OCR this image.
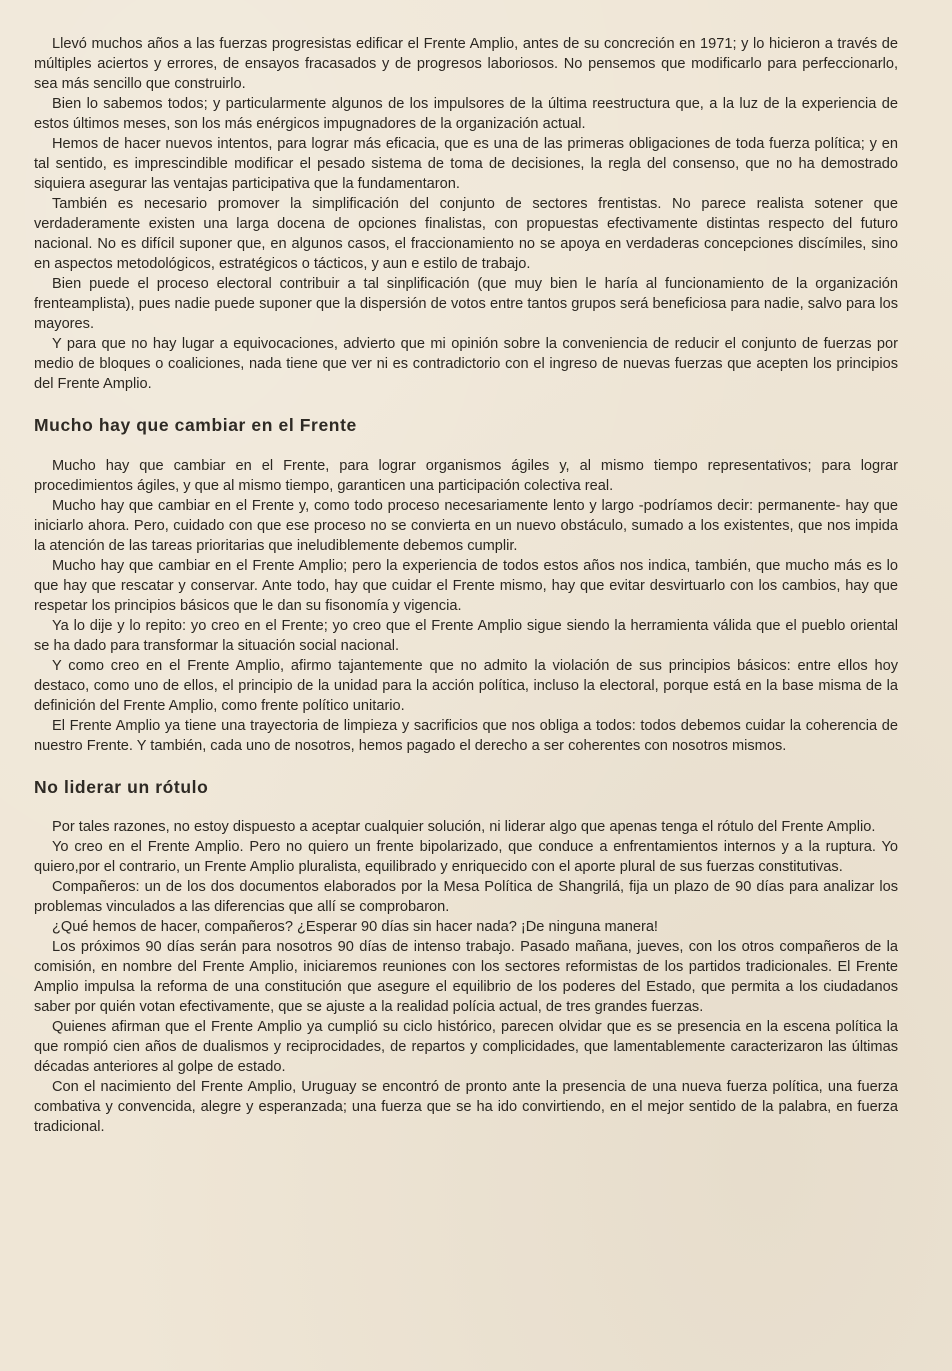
Llevó muchos años a las fuerzas progresistas edificar el Frente Amplio, antes de su concreción en 1971; y lo hicieron a través de múltiples aciertos y errores, de ensayos fracasados y de progresos laboriosos. No pensemos que modificarlo para perfeccionarlo, sea más sencillo que construirlo.

Bien lo sabemos todos; y particularmente algunos de los impulsores de la última reestructura que, a la luz de la experiencia de estos últimos meses, son los más enérgicos impugnadores de la organización actual.

Hemos de hacer nuevos intentos, para lograr más eficacia, que es una de las primeras obligaciones de toda fuerza política; y en tal sentido, es imprescindible modificar el pesado sistema de toma de decisiones, la regla del consenso, que no ha demostrado siquiera asegurar las ventajas participativa que la fundamentaron.

También es necesario promover la simplificación del conjunto de sectores frentistas. No parece realista sotener que verdaderamente existen una larga docena de opciones finalistas, con propuestas efectivamente distintas respecto del futuro nacional. No es difícil suponer que, en algunos casos, el fraccionamiento no se apoya en verdaderas concepciones discímiles, sino en aspectos metodológicos, estratégicos o tácticos, y aun e estilo de trabajo.

Bien puede el proceso electoral contribuir a tal sinplificación (que muy bien le haría al funcionamiento de la organización frenteamplista), pues nadie puede suponer que la dispersión de votos entre tantos grupos será beneficiosa para nadie, salvo para los mayores.

Y para que no hay lugar a equivocaciones, advierto que mi opinión sobre la conveniencia de reducir el conjunto de fuerzas por medio de bloques o coaliciones, nada tiene que ver ni es contradictorio con el ingreso de nuevas fuerzas que acepten los principios del Frente Amplio.

Mucho hay que cambiar en el Frente

Mucho hay que cambiar en el Frente, para lograr organismos ágiles y, al mismo tiempo representativos; para lograr procedimientos ágiles, y que al mismo tiempo, garanticen una participación colectiva real.

Mucho hay que cambiar en el Frente y, como todo proceso necesariamente lento y largo -podríamos decir: permanente- hay que iniciarlo ahora. Pero, cuidado con que ese proceso no se convierta en un nuevo obstáculo, sumado a los existentes, que nos impida la atención de las tareas prioritarias que ineludiblemente debemos cumplir.

Mucho hay que cambiar en el Frente Amplio; pero la experiencia de todos estos años nos indica, también, que mucho más es lo que hay que rescatar y conservar. Ante todo, hay que cuidar el Frente mismo, hay que evitar desvirtuarlo con los cambios, hay que respetar los principios básicos que le dan su fisonomía y vigencia.

Ya lo dije y lo repito: yo creo en el Frente; yo creo que el Frente Amplio sigue siendo la herramienta válida que el pueblo oriental se ha dado para transformar la situación social nacional.

Y como creo en el Frente Amplio, afirmo tajantemente que no admito la violación de sus principios básicos: entre ellos hoy destaco, como uno de ellos, el principio de la unidad para la acción política, incluso la electoral, porque está en la base misma de la definición del Frente Amplio, como frente político unitario.

El Frente Amplio ya tiene una trayectoria de limpieza y sacrificios que nos obliga a todos: todos debemos cuidar la coherencia de nuestro Frente. Y también, cada uno de nosotros, hemos pagado el derecho a ser coherentes con nosotros mismos.

No liderar un rótulo

Por tales razones, no estoy dispuesto a aceptar cualquier solución, ni liderar algo que apenas tenga el rótulo del Frente Amplio.

Yo creo en el Frente Amplio. Pero no quiero un frente bipolarizado, que conduce a enfrentamientos internos y a la ruptura. Yo quiero,por el contrario, un Frente Amplio pluralista, equilibrado y enriquecido con el aporte plural de sus fuerzas constitutivas.

Compañeros: un de los dos documentos elaborados por la Mesa Política de Shangrilá, fija un plazo de 90 días para analizar los problemas vinculados a las diferencias que allí se comprobaron.

¿Qué hemos de hacer, compañeros? ¿Esperar 90 días sin hacer nada? ¡De ninguna manera!

Los próximos 90 días serán para nosotros 90 días de intenso trabajo. Pasado mañana, jueves, con los otros compañeros de la comisión, en nombre del Frente Amplio, iniciaremos reuniones con los sectores reformistas de los partidos tradicionales. El Frente Amplio impulsa la reforma de una constitución que asegure el equilibrio de los poderes del Estado, que permita a los ciudadanos saber por quién votan efectivamente, que se ajuste a la realidad polícia actual, de tres grandes fuerzas.

Quienes afirman que el Frente Amplio ya cumplió su ciclo histórico, parecen olvidar que es se presencia en la escena política la que rompió cien años de dualismos y reciprocidades, de repartos y complicidades, que lamentablemente caracterizaron las últimas décadas anteriores al golpe de estado.

Con el nacimiento del Frente Amplio, Uruguay se encontró de pronto ante la presencia de una nueva fuerza política, una fuerza combativa y convencida, alegre y esperanzada; una fuerza que se ha ido convirtiendo, en el mejor sentido de la palabra, en fuerza tradicional.
